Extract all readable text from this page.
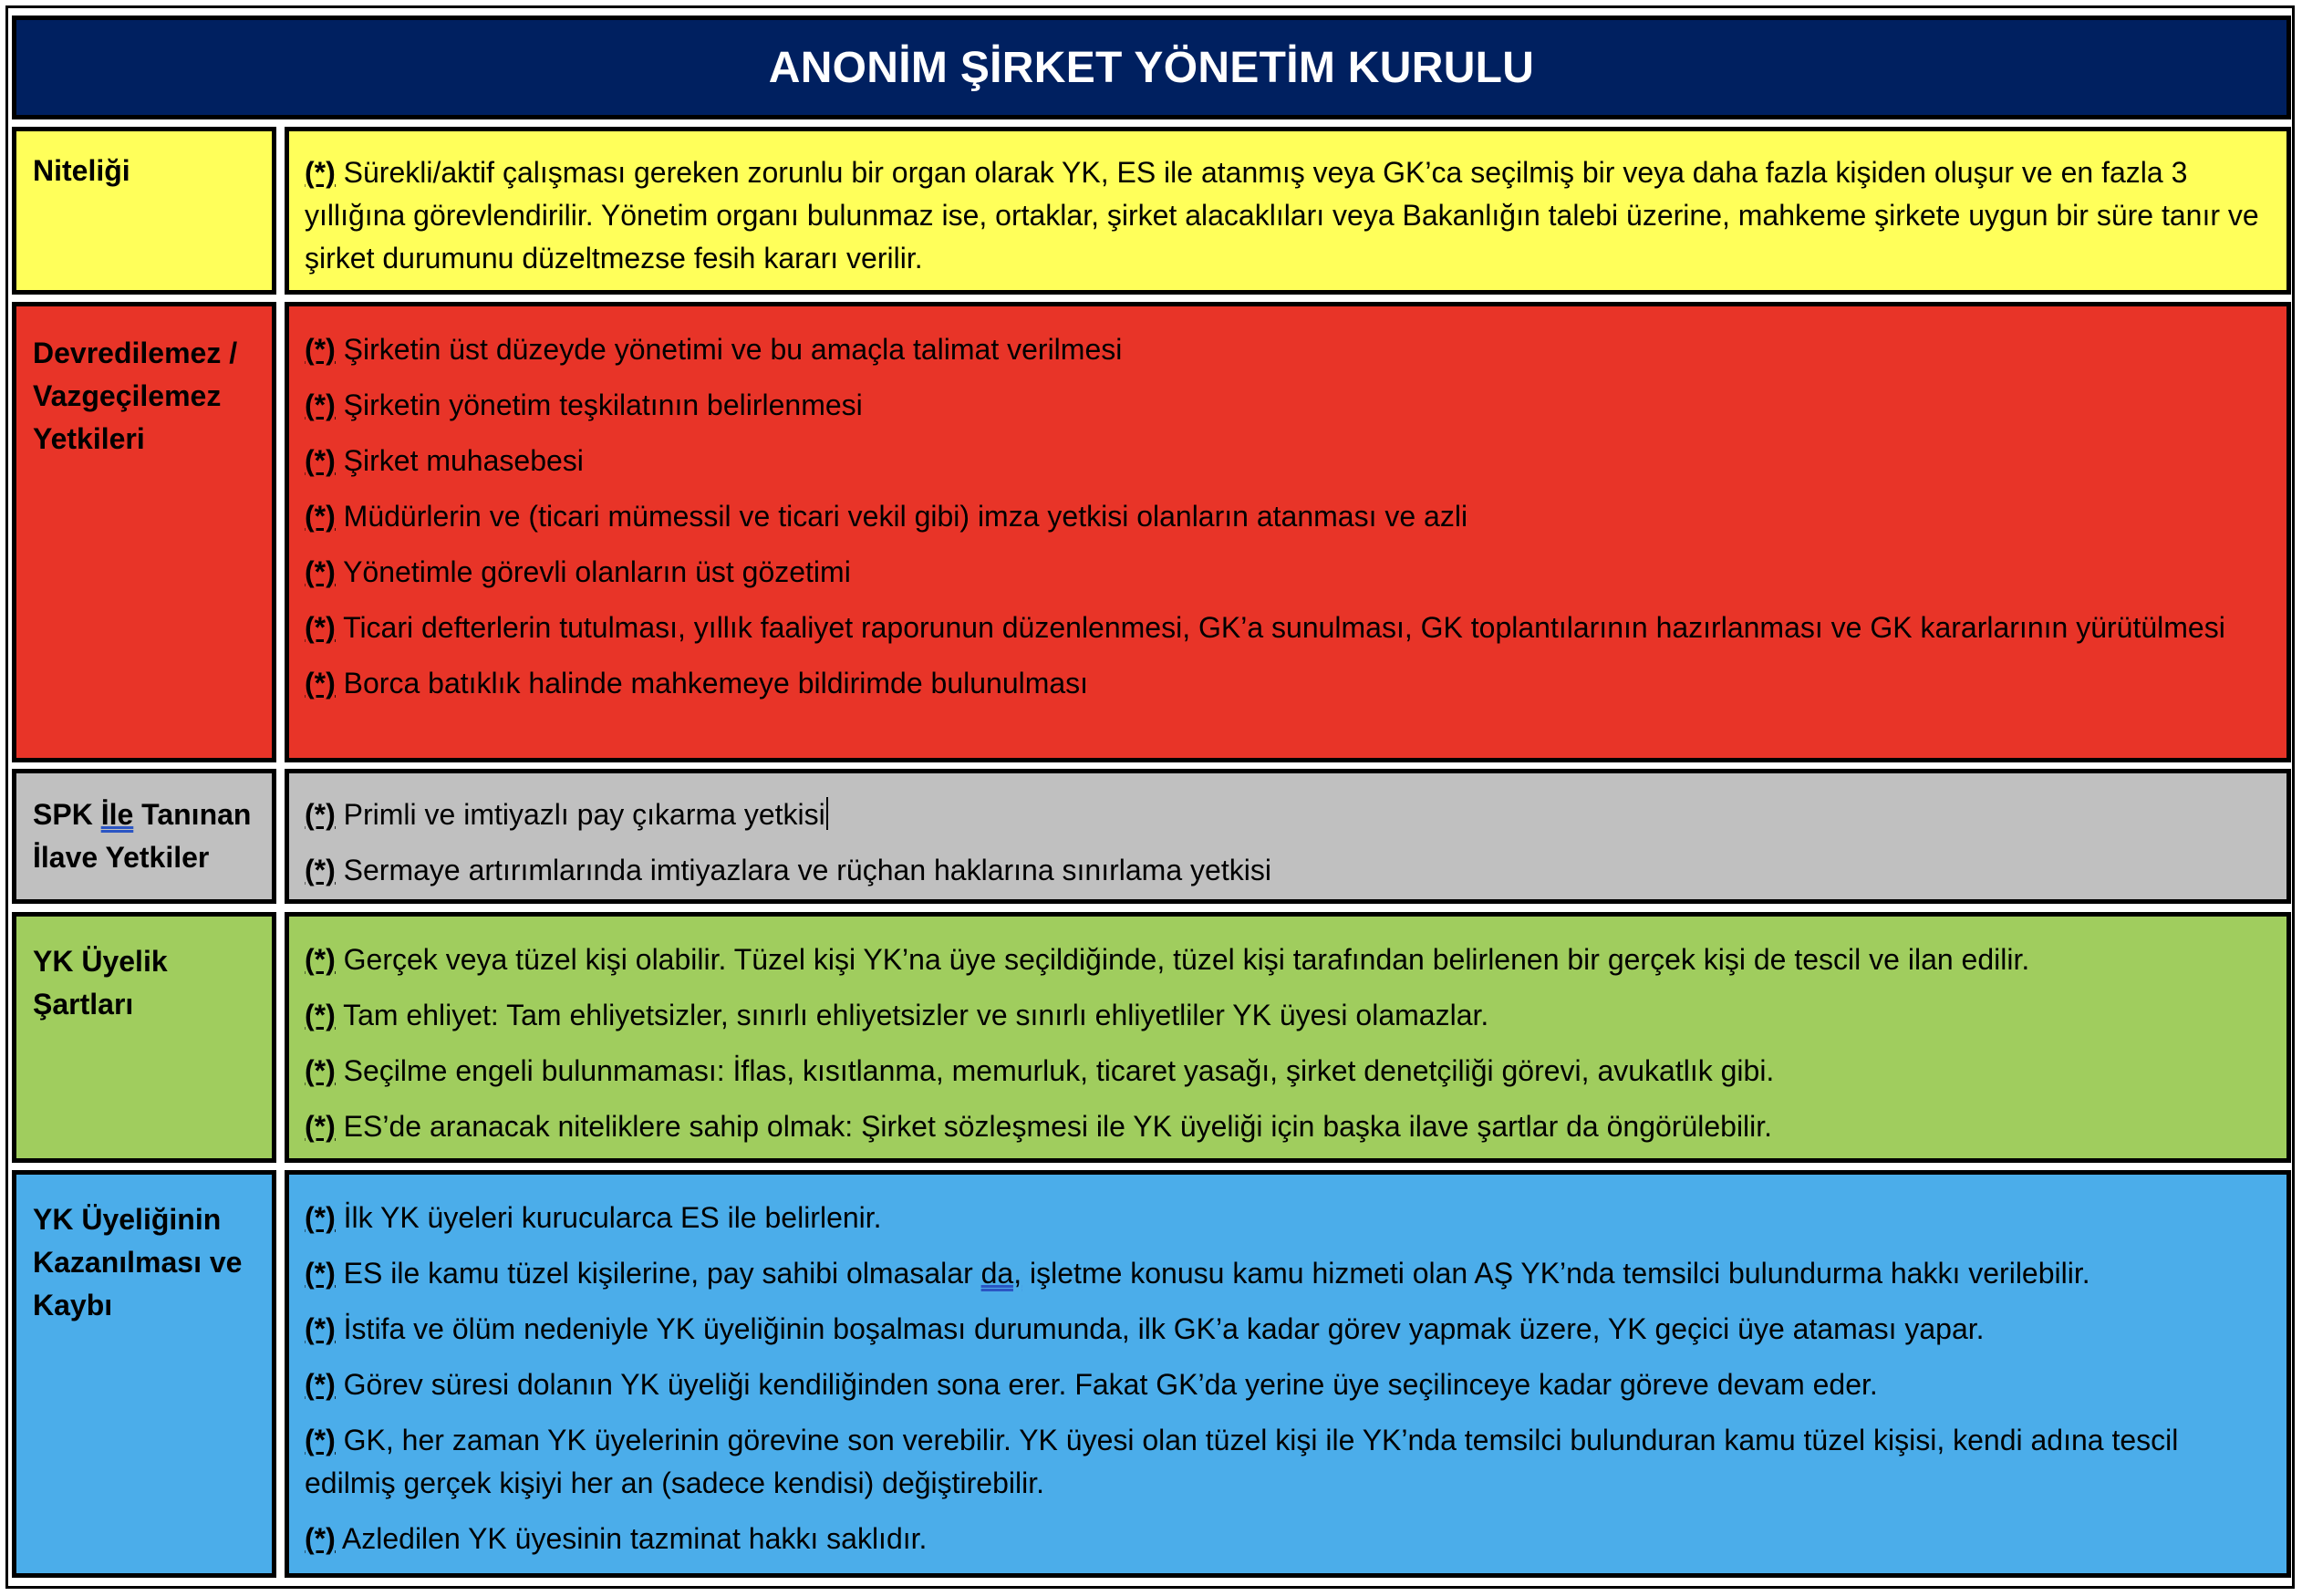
ANONİM ŞİRKET YÖNETİM KURULU
Niteliği	(*) Sürekli/aktif çalışması gereken zorunlu bir organ olarak YK, ES ile atanmış veya GK’ca seçilmiş bir veya daha fazla kişiden oluşur ve en fazla 3 yıllığına görevlendirilir. Yönetim organı bulunmaz ise, ortaklar, şirket alacaklıları veya Bakanlığın talebi üzerine, mahkeme şirkete uygun bir süre tanır ve şirket durumunu düzeltmezse fesih kararı verilir.

Devredilemez / Vazgeçilemez Yetkileri
(*) Şirketin üst düzeyde yönetimi ve bu amaçla talimat verilmesi
(*) Şirketin yönetim teşkilatının belirlenmesi
(*) Şirket muhasebesi
(*) Müdürlerin ve (ticari mümessil ve ticari vekil gibi) imza yetkisi olanların atanması ve azli
(*) Yönetimle görevli olanların üst gözetimi
(*) Ticari defterlerin tutulması, yıllık faaliyet raporunun düzenlenmesi, GK’a sunulması, GK toplantılarının hazırlanması ve GK kararlarının yürütülmesi
(*) Borca batıklık halinde mahkemeye bildirimde bulunulması
SPK İle Tanınan İlave Yetkiler
(*) Primli ve imtiyazlı pay çıkarma yetkisi
(*) Sermaye artırımlarında imtiyazlara ve rüçhan haklarına sınırlama yetkisi
YK Üyelik Şartları
(*) Gerçek veya tüzel kişi olabilir. Tüzel kişi YK’na üye seçildiğinde, tüzel kişi tarafından belirlenen bir gerçek kişi de tescil ve ilan edilir.
(*) Tam ehliyet: Tam ehliyetsizler, sınırlı ehliyetsizler ve sınırlı ehliyetliler YK üyesi olamazlar.
(*) Seçilme engeli bulunmaması: İflas, kısıtlanma, memurluk, ticaret yasağı, şirket denetçiliği görevi, avukatlık gibi.
(*) ES’de aranacak niteliklere sahip olmak: Şirket sözleşmesi ile YK üyeliği için başka ilave şartlar da öngörülebilir.
YK Üyeliğinin Kazanılması ve Kaybı
(*) İlk YK üyeleri kurucularca ES ile belirlenir.
(*) ES ile kamu tüzel kişilerine, pay sahibi olmasalar da, işletme konusu kamu hizmeti olan AŞ YK’nda temsilci bulundurma hakkı verilebilir.
(*) İstifa ve ölüm nedeniyle YK üyeliğinin boşalması durumunda, ilk GK’a kadar görev yapmak üzere, YK geçici üye ataması yapar.
(*) Görev süresi dolanın YK üyeliği kendiliğinden sona erer. Fakat GK’da yerine üye seçilinceye kadar göreve devam eder.
(*) GK, her zaman YK üyelerinin görevine son verebilir. YK üyesi olan tüzel kişi ile YK’nda temsilci bulunduran kamu tüzel kişisi, kendi adına tescil edilmiş gerçek kişiyi her an (sadece kendisi) değiştirebilir.
(*) Azledilen YK üyesinin tazminat hakkı saklıdır.
